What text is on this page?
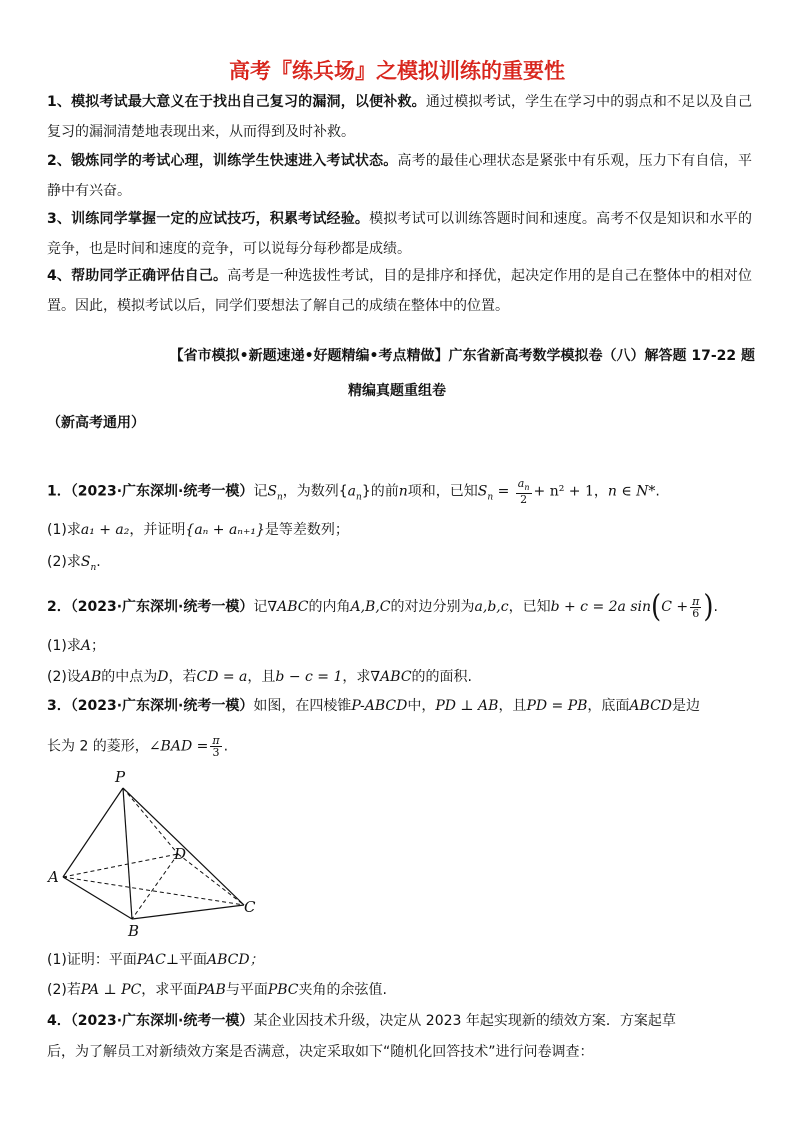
高考『练兵场』之模拟训练的重要性
1、模拟考试最大意义在于找出自己复习的漏洞，以便补救。通过模拟考试，学生在学习中的弱点和不足以及自己复习的漏洞清楚地表现出来，从而得到及时补救。
2、锻炼同学的考试心理，训练学生快速进入考试状态。高考的最佳心理状态是紧张中有乐观，压力下有自信，平静中有兴奋。
3、训练同学掌握一定的应试技巧，积累考试经验。模拟考试可以训练答题时间和速度。高考不仅是知识和水平的竞争，也是时间和速度的竞争，可以说每分每秒都是成绩。
4、帮助同学正确评估自己。高考是一种选拔性考试，目的是排序和择优，起决定作用的是自己在整体中的相对位置。因此，模拟考试以后，同学们要想法了解自己的成绩在整体中的位置。
【省市模拟•新题速递•好题精编•考点精做】广东省新高考数学模拟卷（八）解答题 17-22 题
精编真题重组卷
（新高考通用）
1．（2023·广东深圳·统考一模）记$S_n$，为数列$\{a_n\}$的前n项和，已知$S_n = \frac{a_n}{2} + n^2 + 1$，n ∈ N*.
(1)求a₁ + a₂，并证明{aₙ + aₙ₊₁}是等差数列；
(2)求$S_n$.
2．（2023·广东深圳·统考一模）记∇ABC的内角A,B,C的对边分别为a,b,c，已知b + c = 2a $\sin(C + \frac{\pi}{6}$ ).
(1)求A；
(2)设AB的中点为D，若CD = a，且b − c = 1，求∇ABC的的面积.
3．（2023·广东深圳·统考一模）如图，在四棱锥P-ABCD中，PD ⊥ AB，且PD = PB，底面ABCD是边
长为 2 的菱形，∠BAD = $\frac{\pi}{3}$ .
P
A
B
C
D
(1)证明：平面PAC⊥平面ABCD；
(2)若PA ⊥ PC，求平面PAB与平面PBC夹角的余弦值.
4．（2023·广东深圳·统考一模）某企业因技术升级，决定从 2023 年起实现新的绩效方案．方案起草
后，为了解员工对新绩效方案是否满意，决定采取如下“随机化回答技术”进行问卷调查：
